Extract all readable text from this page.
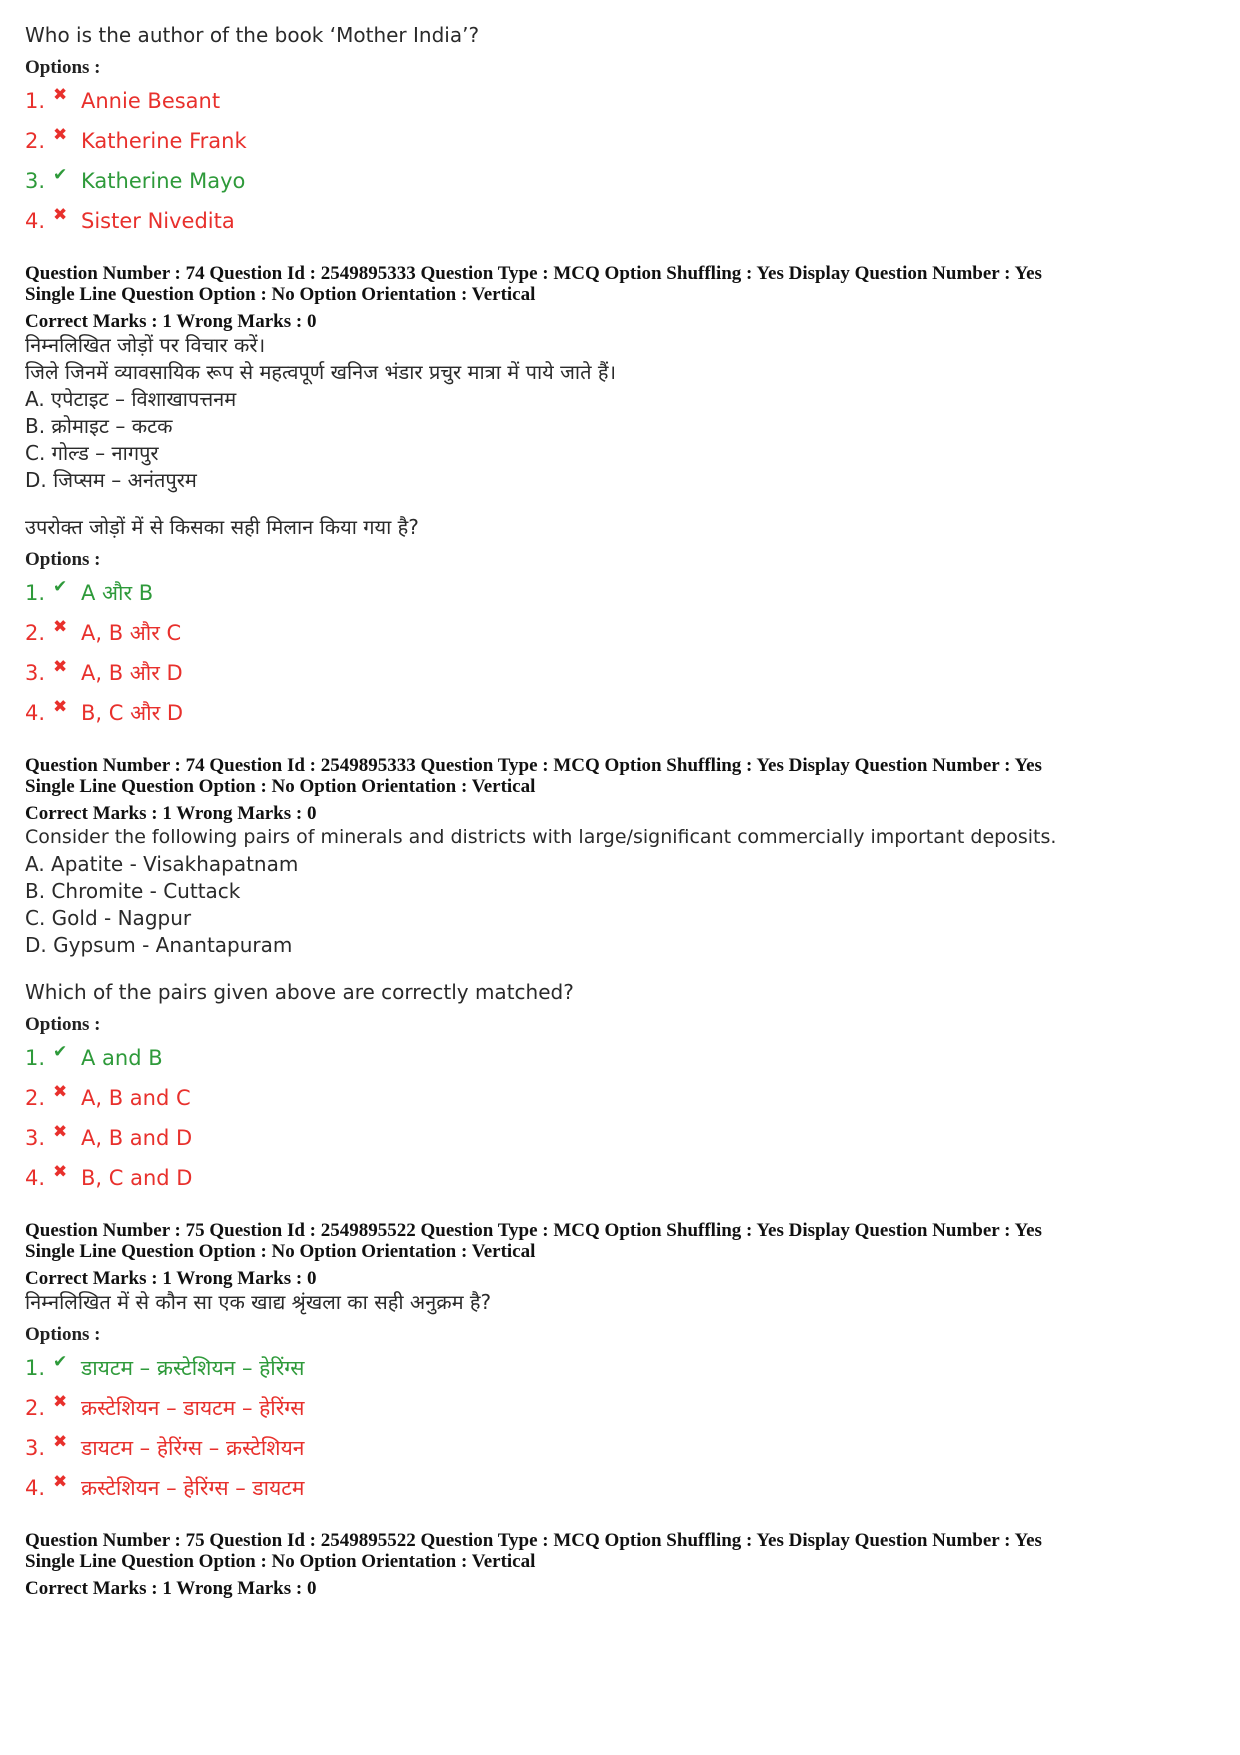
Who is the author of the book ‘Mother India’?
Options :
1. ✖ Annie Besant
2. ✖ Katherine Frank
3. ✔ Katherine Mayo
4. ✖ Sister Nivedita
Question Number : 74 Question Id : 2549895333 Question Type : MCQ Option Shuffling : Yes Display Question Number : Yes
Single Line Question Option : No Option Orientation : Vertical
Correct Marks : 1 Wrong Marks : 0
निम्नलिखित जोड़ों पर विचार करें।
जिले जिनमें व्यावसायिक रूप से महत्वपूर्ण खनिज भंडार प्रचुर मात्रा में पाये जाते हैं।
A. एपेटाइट – विशाखापत्तनम
B. क्रोमाइट – कटक
C. गोल्ड – नागपुर
D. जिप्सम – अनंतपुरम
उपरोक्त जोड़ों में से किसका सही मिलान किया गया है?
Options :
1. ✔ A और B
2. ✖ A, B और C
3. ✖ A, B और D
4. ✖ B, C और D
Question Number : 74 Question Id : 2549895333 Question Type : MCQ Option Shuffling : Yes Display Question Number : Yes
Single Line Question Option : No Option Orientation : Vertical
Correct Marks : 1 Wrong Marks : 0
Consider the following pairs of minerals and districts with large/significant commercially important deposits.
A. Apatite - Visakhapatnam
B. Chromite - Cuttack
C. Gold - Nagpur
D. Gypsum - Anantapuram
Which of the pairs given above are correctly matched?
Options :
1. ✔ A and B
2. ✖ A, B and C
3. ✖ A, B and D
4. ✖ B, C and D
Question Number : 75 Question Id : 2549895522 Question Type : MCQ Option Shuffling : Yes Display Question Number : Yes
Single Line Question Option : No Option Orientation : Vertical
Correct Marks : 1 Wrong Marks : 0
निम्नलिखित में से कौन सा एक खाद्य श्रृंखला का सही अनुक्रम है?
Options :
1. ✔ डायटम – क्रस्टेशियन – हेरिंग्स
2. ✖ क्रस्टेशियन – डायटम – हेरिंग्स
3. ✖ डायटम – हेरिंग्स – क्रस्टेशियन
4. ✖ क्रस्टेशियन – हेरिंग्स – डायटम
Question Number : 75 Question Id : 2549895522 Question Type : MCQ Option Shuffling : Yes Display Question Number : Yes
Single Line Question Option : No Option Orientation : Vertical
Correct Marks : 1 Wrong Marks : 0
